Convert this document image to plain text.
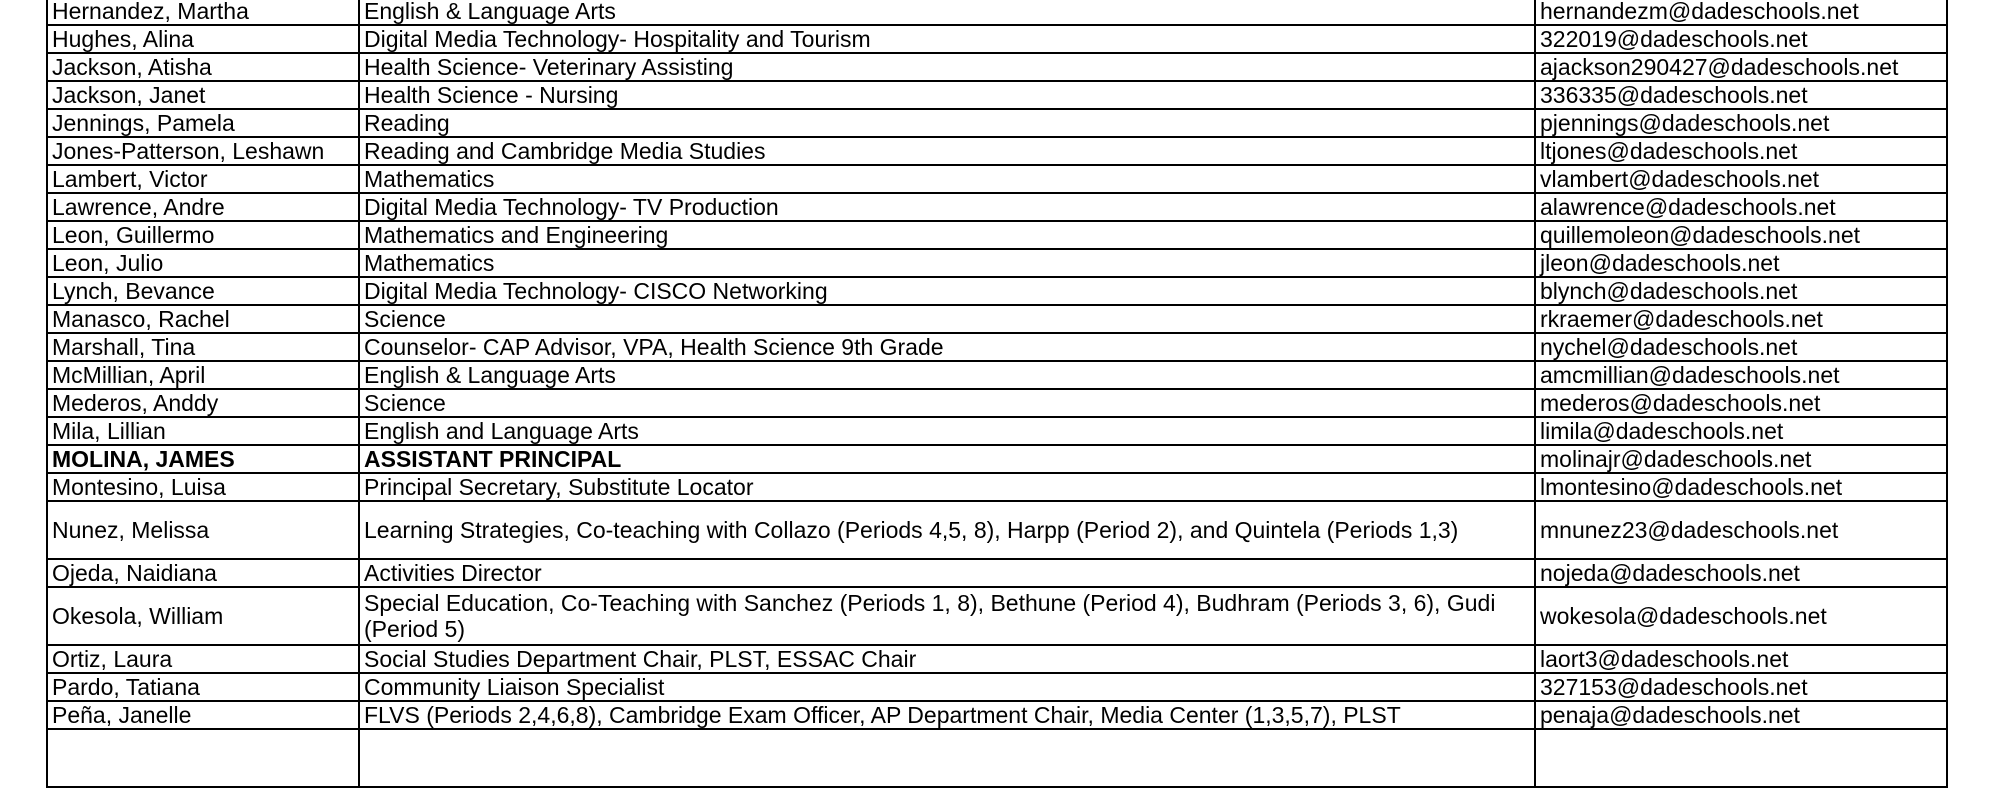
Hernandez, Martha	English & Language Arts	hernandezm@dadeschools.net
Hughes, Alina	Digital Media Technology- Hospitality and Tourism	322019@dadeschools.net
Jackson, Atisha	Health Science- Veterinary Assisting	ajackson290427@dadeschools.net
Jackson, Janet	Health Science - Nursing	336335@dadeschools.net
Jennings, Pamela	Reading	pjennings@dadeschools.net
Jones-Patterson, Leshawn	Reading and Cambridge Media Studies	ltjones@dadeschools.net
Lambert, Victor	Mathematics	vlambert@dadeschools.net
Lawrence, Andre	Digital Media Technology- TV Production	alawrence@dadeschools.net
Leon, Guillermo	Mathematics and Engineering	quillemoleon@dadeschools.net
Leon, Julio	Mathematics	jleon@dadeschools.net
Lynch, Bevance	Digital Media Technology- CISCO Networking	blynch@dadeschools.net
Manasco, Rachel	Science	rkraemer@dadeschools.net
Marshall, Tina	Counselor- CAP Advisor, VPA, Health Science 9th Grade	nychel@dadeschools.net
McMillian, April	English & Language Arts	amcmillian@dadeschools.net
Mederos, Anddy	Science	mederos@dadeschools.net
Mila, Lillian	English and Language Arts	limila@dadeschools.net
MOLINA, JAMES	ASSISTANT PRINCIPAL	molinajr@dadeschools.net
Montesino, Luisa	Principal Secretary, Substitute Locator	lmontesino@dadeschools.net
Nunez, Melissa	Learning Strategies, Co-teaching with Collazo (Periods 4,5, 8), Harpp (Period 2), and Quintela (Periods 1,3)	mnunez23@dadeschools.net
Ojeda, Naidiana	Activities Director	nojeda@dadeschools.net
Okesola, William	Special Education, Co-Teaching with Sanchez (Periods 1, 8), Bethune (Period 4), Budhram (Periods 3, 6), Gudi (Period 5)	wokesola@dadeschools.net
Ortiz, Laura	Social Studies Department Chair, PLST, ESSAC Chair	laort3@dadeschools.net
Pardo, Tatiana	Community Liaison Specialist	327153@dadeschools.net
Peña, Janelle	FLVS (Periods 2,4,6,8), Cambridge Exam Officer, AP Department Chair, Media Center (1,3,5,7), PLST	penaja@dadeschools.net
